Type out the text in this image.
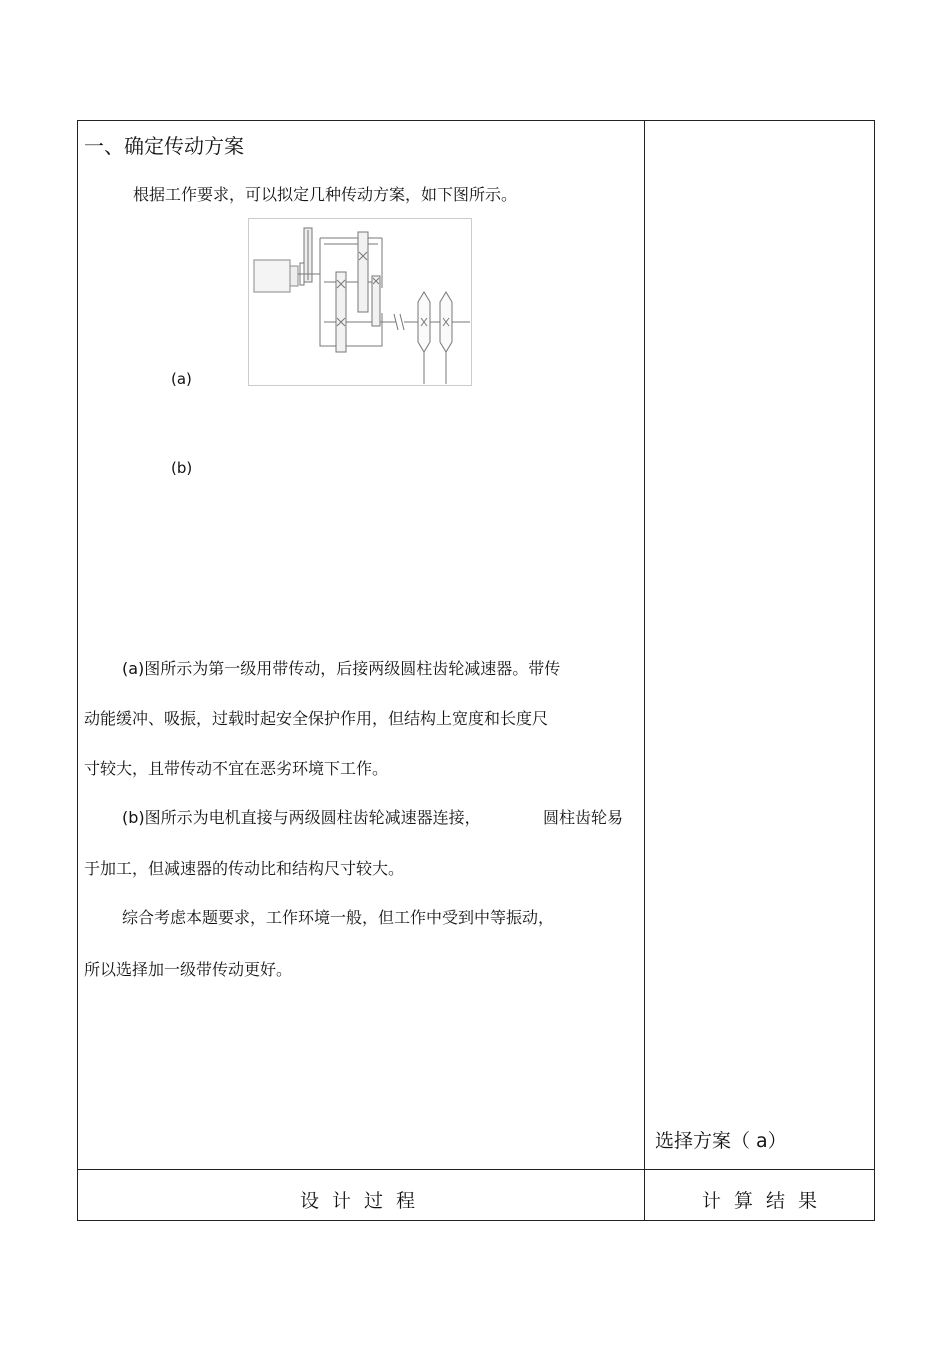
一、确定传动方案
根据工作要求，可以拟定几种传动方案，如下图所示。
(a)
(b)
(a)图所示为第一级用带传动，后接两级圆柱齿轮减速器。带传
动能缓冲、吸振，过载时起安全保护作用，但结构上宽度和长度尺
寸较大，且带传动不宜在恶劣环境下工作。
(b)图所示为电机直接与两级圆柱齿轮减速器连接，	圆柱齿轮易
于加工，但减速器的传动比和结构尺寸较大。
综合考虑本题要求，工作环境一般，但工作中受到中等振动，
所以选择加一级带传动更好。
选择方案（ a）
设计过程	计算结果
